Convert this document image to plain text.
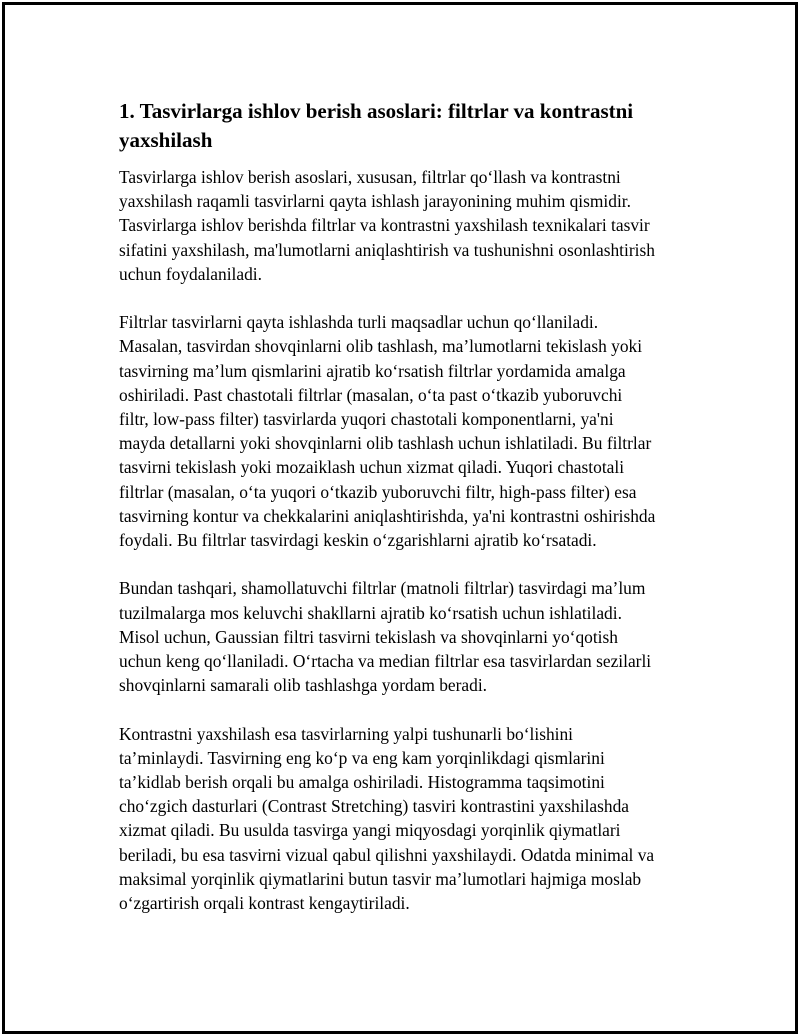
1. Tasvirlarga ishlov berish asoslari: filtrlar va kontrastni yaxshilash

Tasvirlarga ishlov berish asoslari, xususan, filtrlar qo‘llash va kontrastni
yaxshilash raqamli tasvirlarni qayta ishlash jarayonining muhim qismidir.
Tasvirlarga ishlov berishda filtrlar va kontrastni yaxshilash texnikalari tasvir
sifatini yaxshilash, ma'lumotlarni aniqlashtirish va tushunishni osonlashtirish
uchun foydalaniladi.

Filtrlar tasvirlarni qayta ishlashda turli maqsadlar uchun qo‘llaniladi.
Masalan, tasvirdan shovqinlarni olib tashlash, ma’lumotlarni tekislash yoki
tasvirning ma’lum qismlarini ajratib ko‘rsatish filtrlar yordamida amalga
oshiriladi. Past chastotali filtrlar (masalan, o‘ta past o‘tkazib yuboruvchi
filtr, low-pass filter) tasvirlarda yuqori chastotali komponentlarni, ya'ni
mayda detallarni yoki shovqinlarni olib tashlash uchun ishlatiladi. Bu filtrlar
tasvirni tekislash yoki mozaiklash uchun xizmat qiladi. Yuqori chastotali
filtrlar (masalan, o‘ta yuqori o‘tkazib yuboruvchi filtr, high-pass filter) esa
tasvirning kontur va chekkalarini aniqlashtirishda, ya'ni kontrastni oshirishda
foydali. Bu filtrlar tasvirdagi keskin o‘zgarishlarni ajratib ko‘rsatadi.

Bundan tashqari, shamollatuvchi filtrlar (matnoli filtrlar) tasvirdagi ma’lum
tuzilmalarga mos keluvchi shakllarni ajratib ko‘rsatish uchun ishlatiladi.
Misol uchun, Gaussian filtri tasvirni tekislash va shovqinlarni yo‘qotish
uchun keng qo‘llaniladi. O‘rtacha va median filtrlar esa tasvirlardan sezilarli
shovqinlarni samarali olib tashlashga yordam beradi.

Kontrastni yaxshilash esa tasvirlarning yalpi tushunarli bo‘lishini
ta’minlaydi. Tasvirning eng ko‘p va eng kam yorqinlikdagi qismlarini
ta’kidlab berish orqali bu amalga oshiriladi. Histogramma taqsimotini
cho‘zgich dasturlari (Contrast Stretching) tasviri kontrastini yaxshilashda
xizmat qiladi. Bu usulda tasvirga yangi miqyosdagi yorqinlik qiymatlari
beriladi, bu esa tasvirni vizual qabul qilishni yaxshilaydi. Odatda minimal va
maksimal yorqinlik qiymatlarini butun tasvir ma’lumotlari hajmiga moslab
o‘zgartirish orqali kontrast kengaytiriladi.
